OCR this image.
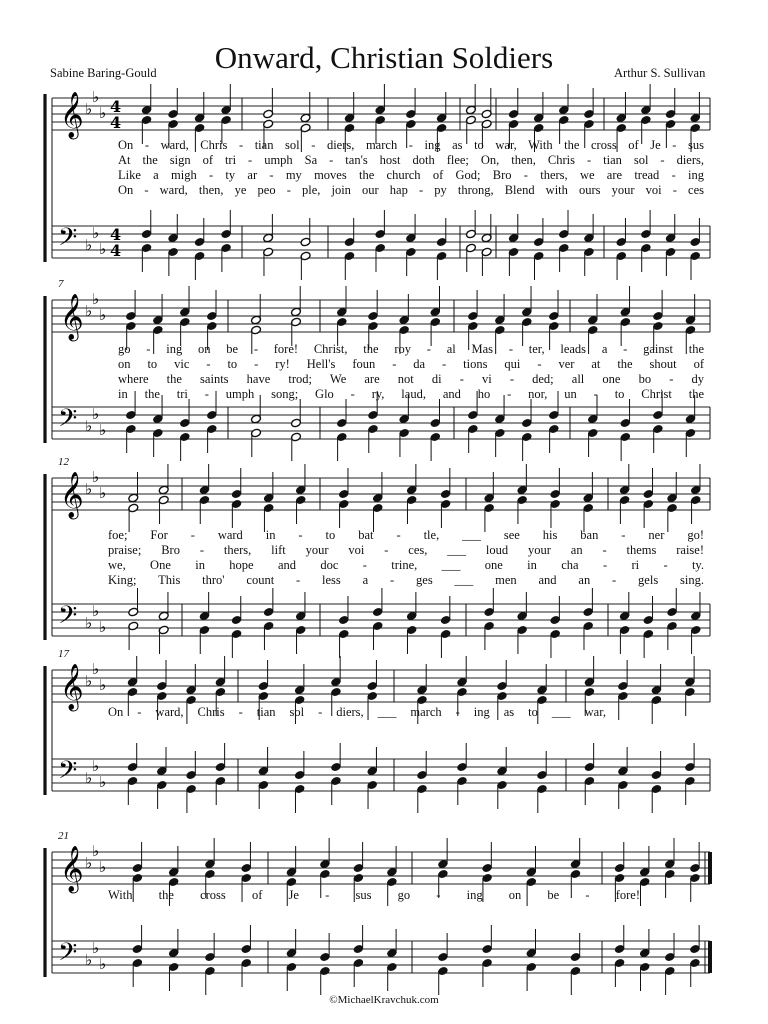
Onward, Christian Soldiers
Sabine Baring-Gould	Arthur S. Sullivan
𝄞
𝄢
♭
♭
♭
♭
♭
♭
4
4
4
4
𝄞
𝄢
♭
♭
♭
♭
♭
♭
𝄞
𝄢
♭
♭
♭
♭
♭
♭
𝄞
𝄢
♭
♭
♭
♭
♭
♭
𝄞
𝄢
♭
♭
♭
♭
♭
♭
On - ward, Chris - tian sol - diers, march - ing as to war, With the cross of Je - sus
At the sign of tri - umph Sa - tan's host doth flee; On, then, Chris - tian sol - diers,
Like a migh - ty ar - my moves the church of God; Bro - thers, we are tread - ing
On - ward, then, ye peo - ple, join our hap - py throng, Blend with ours your voi - ces
7
go - ing on be - fore! Christ, the roy - al Mas - ter, leads a - gainst the
on to vic - to - ry! Hell's foun - da - tions qui - ver at the shout of
where the saints have trod; We are not di - vi - ded; all one bo - dy
in the tri - umph song; Glo - ry, laud, and ho - nor, un - to Christ the
12
foe; For - ward in - to bat - tle, ___ see his ban - ner go!
praise; Bro - thers, lift your voi - ces, ___ loud your an - thems raise!
we, One in hope and doc - trine, ___ one in cha - ri - ty.
King; This thro' count - less a - ges ___ men and an - gels sing.
17
On - ward, Chris - tian sol - diers, ___ march - ing as to ___ war,
21
With the cross of Je - sus go - ing on be - fore!
©MichaelKravchuk.com
